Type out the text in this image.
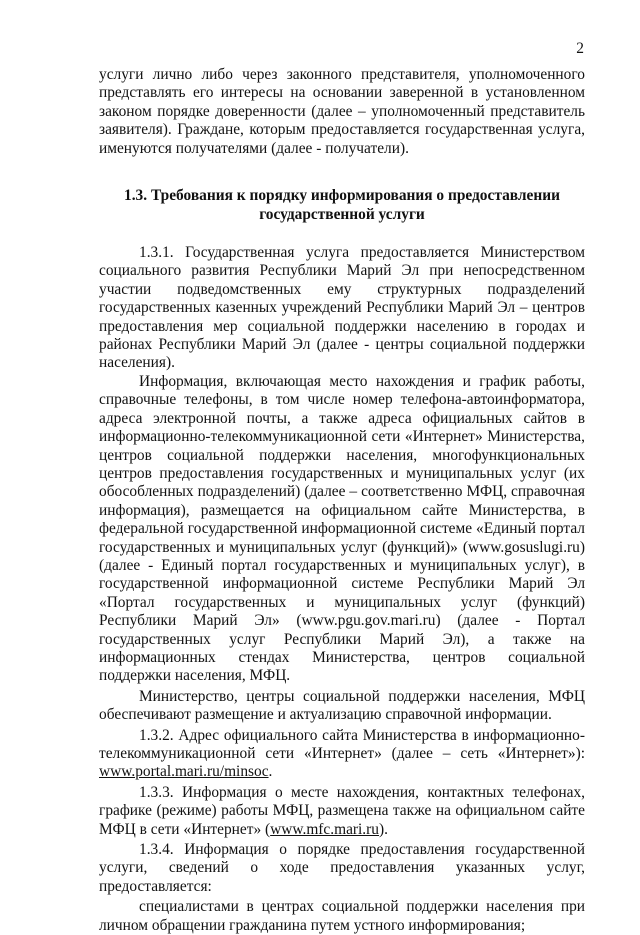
2

услуги лично либо через законного представителя, уполномоченного представлять его интересы на основании заверенной в установленном законом порядке доверенности (далее – уполномоченный представитель заявителя). Граждане, которым предоставляется государственная услуга, именуются получателями (далее - получатели).

1.3. Требования к порядку информирования о предоставлении государственной услуги

1.3.1. Государственная услуга предоставляется Министерством социального развития Республики Марий Эл при непосредственном участии подведомственных ему структурных подразделений государственных казенных учреждений Республики Марий Эл – центров предоставления мер социальной поддержки населению в городах и районах Республики Марий Эл (далее - центры социальной поддержки населения).

Информация, включающая место нахождения и график работы, справочные телефоны, в том числе номер телефона-автоинформатора, адреса электронной почты, а также адреса официальных сайтов в информационно-телекоммуникационной сети «Интернет» Министерства, центров социальной поддержки населения, многофункциональных центров предоставления государственных и муниципальных услуг (их обособленных подразделений) (далее – соответственно МФЦ, справочная информация), размещается на официальном сайте Министерства, в федеральной государственной информационной системе «Единый портал государственных и муниципальных услуг (функций)» (www.gosuslugi.ru) (далее - Единый портал государственных и муниципальных услуг), в государственной информационной системе Республики Марий Эл «Портал государственных и муниципальных услуг (функций) Республики Марий Эл» (www.pgu.gov.mari.ru) (далее - Портал государственных услуг Республики Марий Эл), а также на информационных стендах Министерства, центров социальной поддержки населения, МФЦ.

Министерство, центры социальной поддержки населения, МФЦ обеспечивают размещение и актуализацию справочной информации.

1.3.2. Адрес официального сайта Министерства в информационно-телекоммуникационной сети «Интернет» (далее – сеть «Интернет»): www.portal.mari.ru/minsoc.

1.3.3. Информация о месте нахождения, контактных телефонах, графике (режиме) работы МФЦ, размещена также на официальном сайте МФЦ в сети «Интернет» (www.mfc.mari.ru).

1.3.4. Информация о порядке предоставления государственной услуги, сведений о ходе предоставления указанных услуг, предоставляется:

специалистами в центрах социальной поддержки населения при личном обращении гражданина путем устного информирования;
